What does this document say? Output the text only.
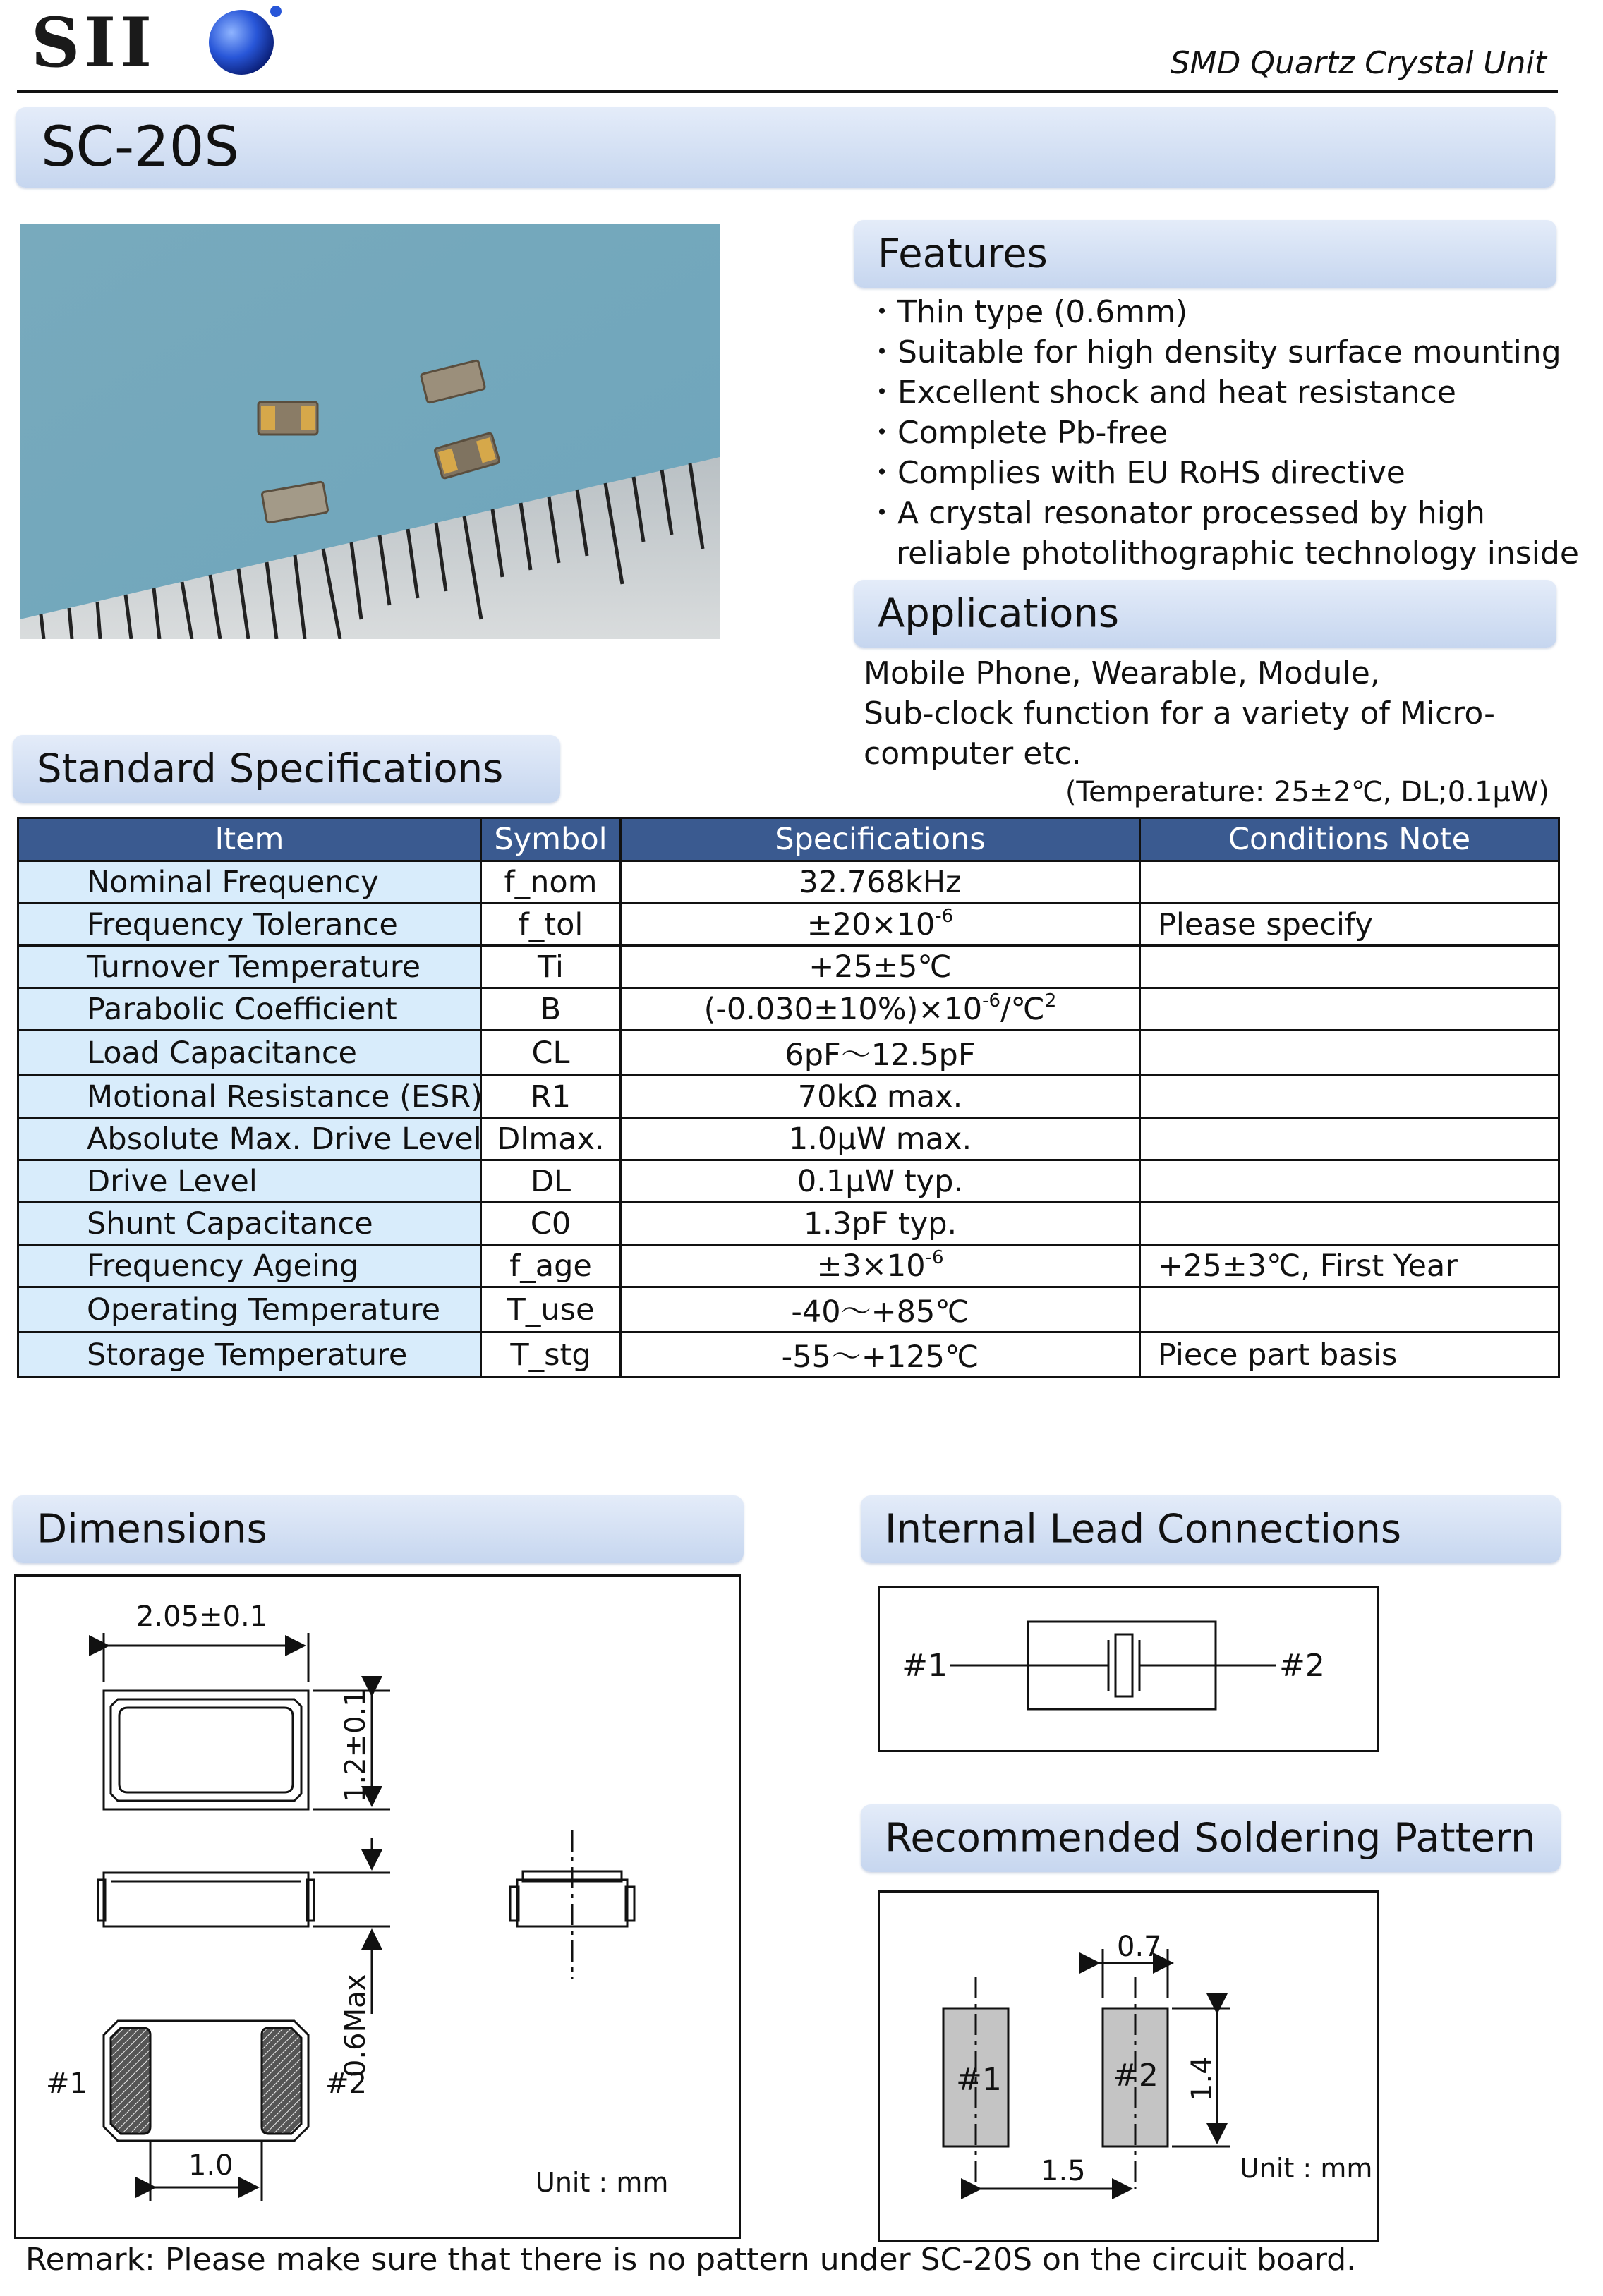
SII	SMD Quartz Crystal Unit
SC-20S
Features
・Thin type (0.6mm)
・Suitable for high density surface mounting
・Excellent shock and heat resistance
・Complete Pb-free
・Complies with EU RoHS directive
・A crystal resonator processed by high
reliable photolithographic technology inside
Applications
Mobile Phone, Wearable, Module,
Sub-clock function for a variety of Micro-
computer etc.
Standard Specifications
(Temperature: 25±2℃, DL;0.1μW)
Item	Symbol	Specifications	Conditions Note
Nominal Frequency	f_nom	32.768kHz	
Frequency Tolerance	f_tol	$\pm 20\times 10^{-6}$	Please specify
Turnover Temperature	Ti	+25±5℃	
Parabolic Coefficient	B	$(-0.030\pm 10\%)\times 10^{-6}/℃^2$	
Load Capacitance	CL	6pF～12.5pF	
Motional Resistance (ESR)	R1	70kΩ max.	
Absolute Max. Drive Level	Dlmax.	1.0μW max.	
Drive Level	DL	0.1μW typ.	
Shunt Capacitance	C0	1.3pF typ.	
Frequency Ageing	f_age	$\pm 3\times 10^{-6}$	+25±3℃, First Year
Operating Temperature	T_use	-40～+85℃	
Storage Temperature	T_stg	-55～+125℃	Piece part basis
Dimensions
2.05±0.1
1.2±0.1
0.6Max
1.0
#1	#2
Unit : mm
Internal Lead Connections
#1	#2
Recommended Soldering Pattern
#1	#2
0.7
1.4
1.5	Unit : mm
Remark: Please make sure that there is no pattern under SC-20S on the circuit board.
